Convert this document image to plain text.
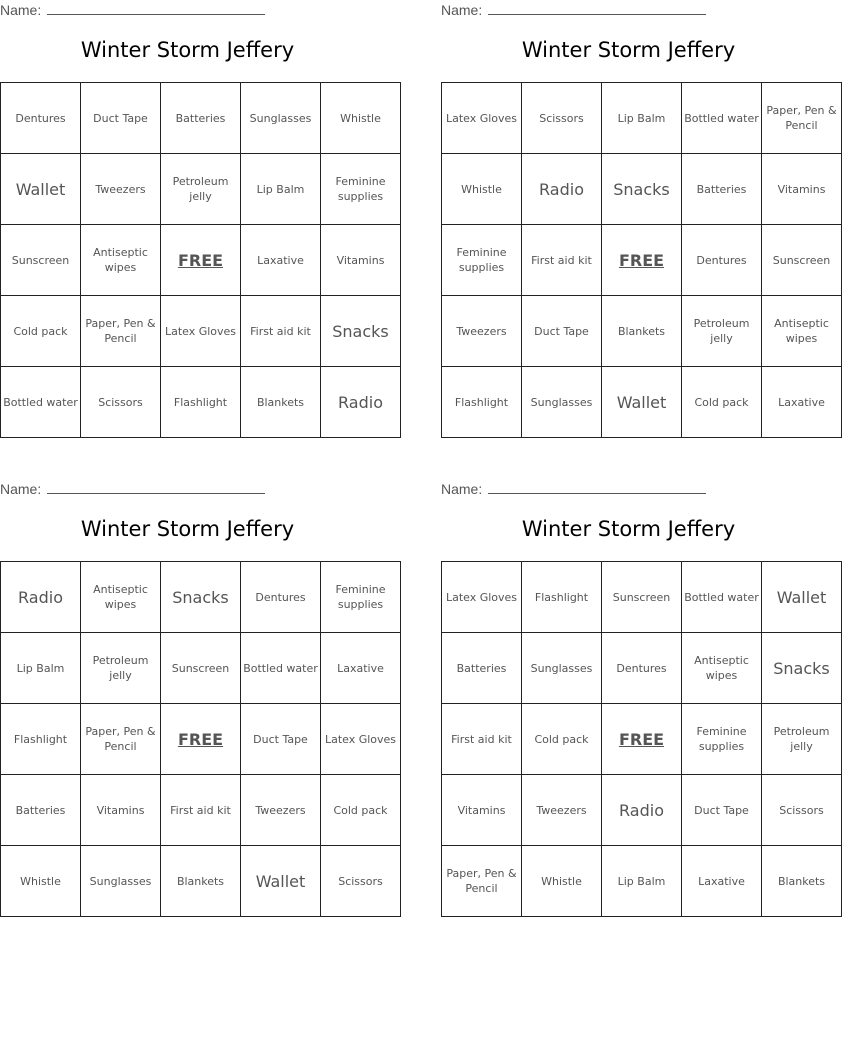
Name:
Winter Storm Jeffery
Dentures	Duct Tape	Batteries	Sunglasses	Whistle
Wallet	Tweezers	Petroleum jelly	Lip Balm	Feminine supplies
Sunscreen	Antiseptic wipes	FREE	Laxative	Vitamins
Cold pack	Paper, Pen & Pencil	Latex Gloves	First aid kit	Snacks
Bottled water	Scissors	Flashlight	Blankets	Radio
Name:
Winter Storm Jeffery
Latex Gloves	Scissors	Lip Balm	Bottled water	Paper, Pen & Pencil
Whistle	Radio	Snacks	Batteries	Vitamins
Feminine supplies	First aid kit	FREE	Dentures	Sunscreen
Tweezers	Duct Tape	Blankets	Petroleum jelly	Antiseptic wipes
Flashlight	Sunglasses	Wallet	Cold pack	Laxative
Name:
Winter Storm Jeffery
Radio	Antiseptic wipes	Snacks	Dentures	Feminine supplies
Lip Balm	Petroleum jelly	Sunscreen	Bottled water	Laxative
Flashlight	Paper, Pen & Pencil	FREE	Duct Tape	Latex Gloves
Batteries	Vitamins	First aid kit	Tweezers	Cold pack
Whistle	Sunglasses	Blankets	Wallet	Scissors
Name:
Winter Storm Jeffery
Latex Gloves	Flashlight	Sunscreen	Bottled water	Wallet
Batteries	Sunglasses	Dentures	Antiseptic wipes	Snacks
First aid kit	Cold pack	FREE	Feminine supplies	Petroleum jelly
Vitamins	Tweezers	Radio	Duct Tape	Scissors
Paper, Pen & Pencil	Whistle	Lip Balm	Laxative	Blankets
